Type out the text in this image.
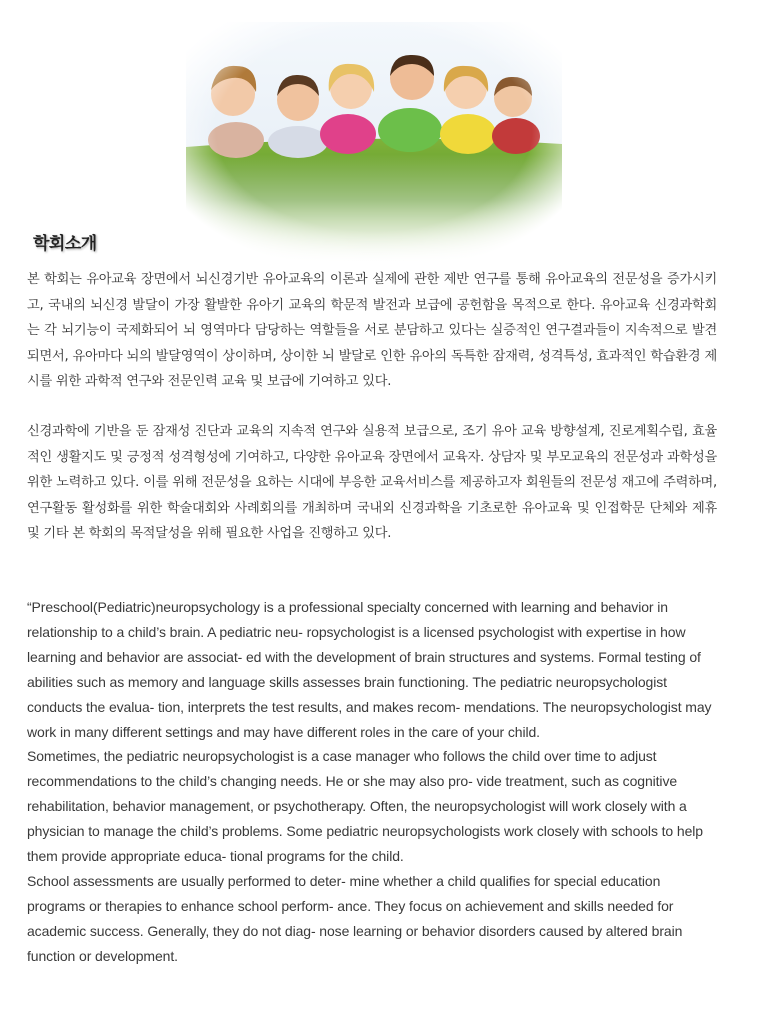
학회소개

본 학회는 유아교육 장면에서 뇌신경기반 유아교육의 이론과 실제에 관한 제반 연구를 통해 유아교육의 전문성을 증가시키고, 국내의 뇌신경 발달이 가장 활발한 유아기 교육의 학문적 발전과 보급에 공헌함을 목적으로 한다. 유아교육 신경과학회는 각 뇌기능이 국제화되어 뇌 영역마다 담당하는 역할들을 서로 분담하고 있다는 실증적인 연구결과들이 지속적으로 발견되면서, 유아마다 뇌의 발달영역이 상이하며, 상이한 뇌 발달로 인한 유아의 독특한 잠재력, 성격특성, 효과적인 학습환경 제시를 위한 과학적 연구와 전문인력 교육 및 보급에 기여하고 있다.

신경과학에 기반을 둔 잠재성 진단과 교육의 지속적 연구와 실용적 보급으로, 조기 유아 교육 방향설계, 진로계획수립, 효율적인 생활지도 및 긍정적 성격형성에 기여하고, 다양한 유아교육 장면에서 교육자. 상담자 및 부모교육의 전문성과 과학성을 위한 노력하고 있다. 이를 위해 전문성을 요하는 시대에 부응한 교육서비스를 제공하고자 회원들의 전문성 재고에 주력하며, 연구활동 활성화를 위한 학술대회와 사례회의를 개최하며 국내외 신경과학을 기초로한 유아교육 및 인접학문 단체와 제휴 및 기타 본 학회의 목적달성을 위해 필요한 사업을 진행하고 있다.

“Preschool(Pediatric)neuropsychology is a professional specialty concerned with learning and behavior in relationship to a child’s brain. A pediatric neu- ropsychologist is a licensed psychologist with expertise in how learning and behavior are associat- ed with the development of brain structures and systems. Formal testing of abilities such as memory and language skills assesses brain functioning. The pediatric neuropsychologist conducts the evalua- tion, interprets the test results, and makes recom- mendations. The neuropsychologist may work in many different settings and may have different roles in the care of your child.
Sometimes, the pediatric neuropsychologist is a case manager who follows the child over time to adjust recommendations to the child’s changing needs. He or she may also pro- vide treatment, such as cognitive rehabilitation, behavior management, or psychotherapy. Often, the neuropsychologist will work closely with a physician to manage the child’s problems. Some pediatric neuropsychologists work closely with schools to help them provide appropriate educa- tional programs for the child.
School assessments are usually performed to deter- mine whether a child qualifies for special education programs or therapies to enhance school perform- ance. They focus on achievement and skills needed for academic success. Generally, they do not diag- nose learning or behavior disorders caused by altered brain function or development.
